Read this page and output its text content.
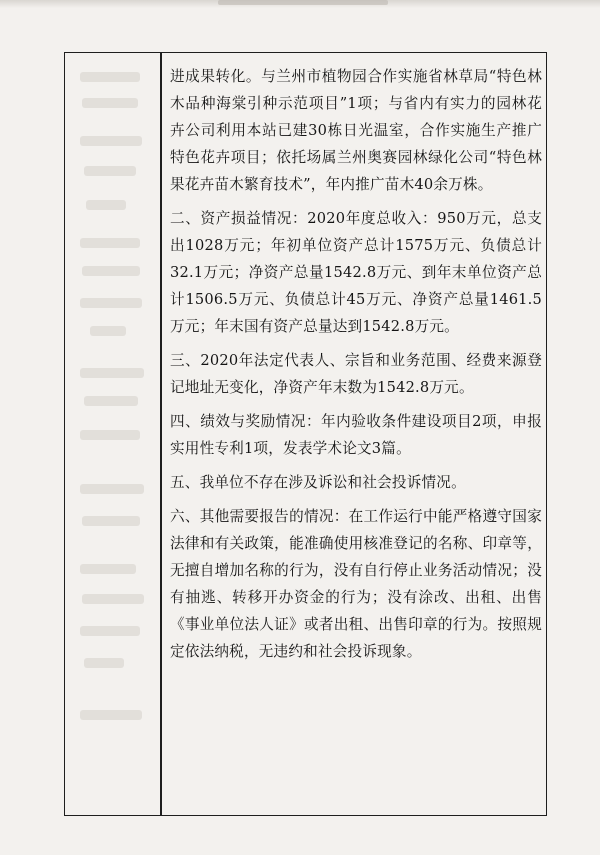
进成果转化。与兰州市植物园合作实施省林草局“特色林木品种海棠引种示范项目”1项；与省内有实力的园林花卉公司利用本站已建30栋日光温室，合作实施生产推广特色花卉项目；依托场属兰州奥赛园林绿化公司“特色林果花卉苗木繁育技术”，年内推广苗木40余万株。

二、资产损益情况：2020年度总收入：950万元，总支出1028万元；年初单位资产总计1575万元、负债总计32.1万元；净资产总量1542.8万元、到年末单位资产总计1506.5万元、负债总计45万元、净资产总量1461.5万元；年末国有资产总量达到1542.8万元。

三、2020年法定代表人、宗旨和业务范围、经费来源登记地址无变化，净资产年末数为1542.8万元。

四、绩效与奖励情况：年内验收条件建设项目2项，申报实用性专利1项，发表学术论文3篇。

五、我单位不存在涉及诉讼和社会投诉情况。

六、其他需要报告的情况：在工作运行中能严格遵守国家法律和有关政策，能准确使用核准登记的名称、印章等，无擅自增加名称的行为，没有自行停止业务活动情况；没有抽逃、转移开办资金的行为；没有涂改、出租、出售《事业单位法人证》或者出租、出售印章的行为。按照规定依法纳税，无违约和社会投诉现象。
